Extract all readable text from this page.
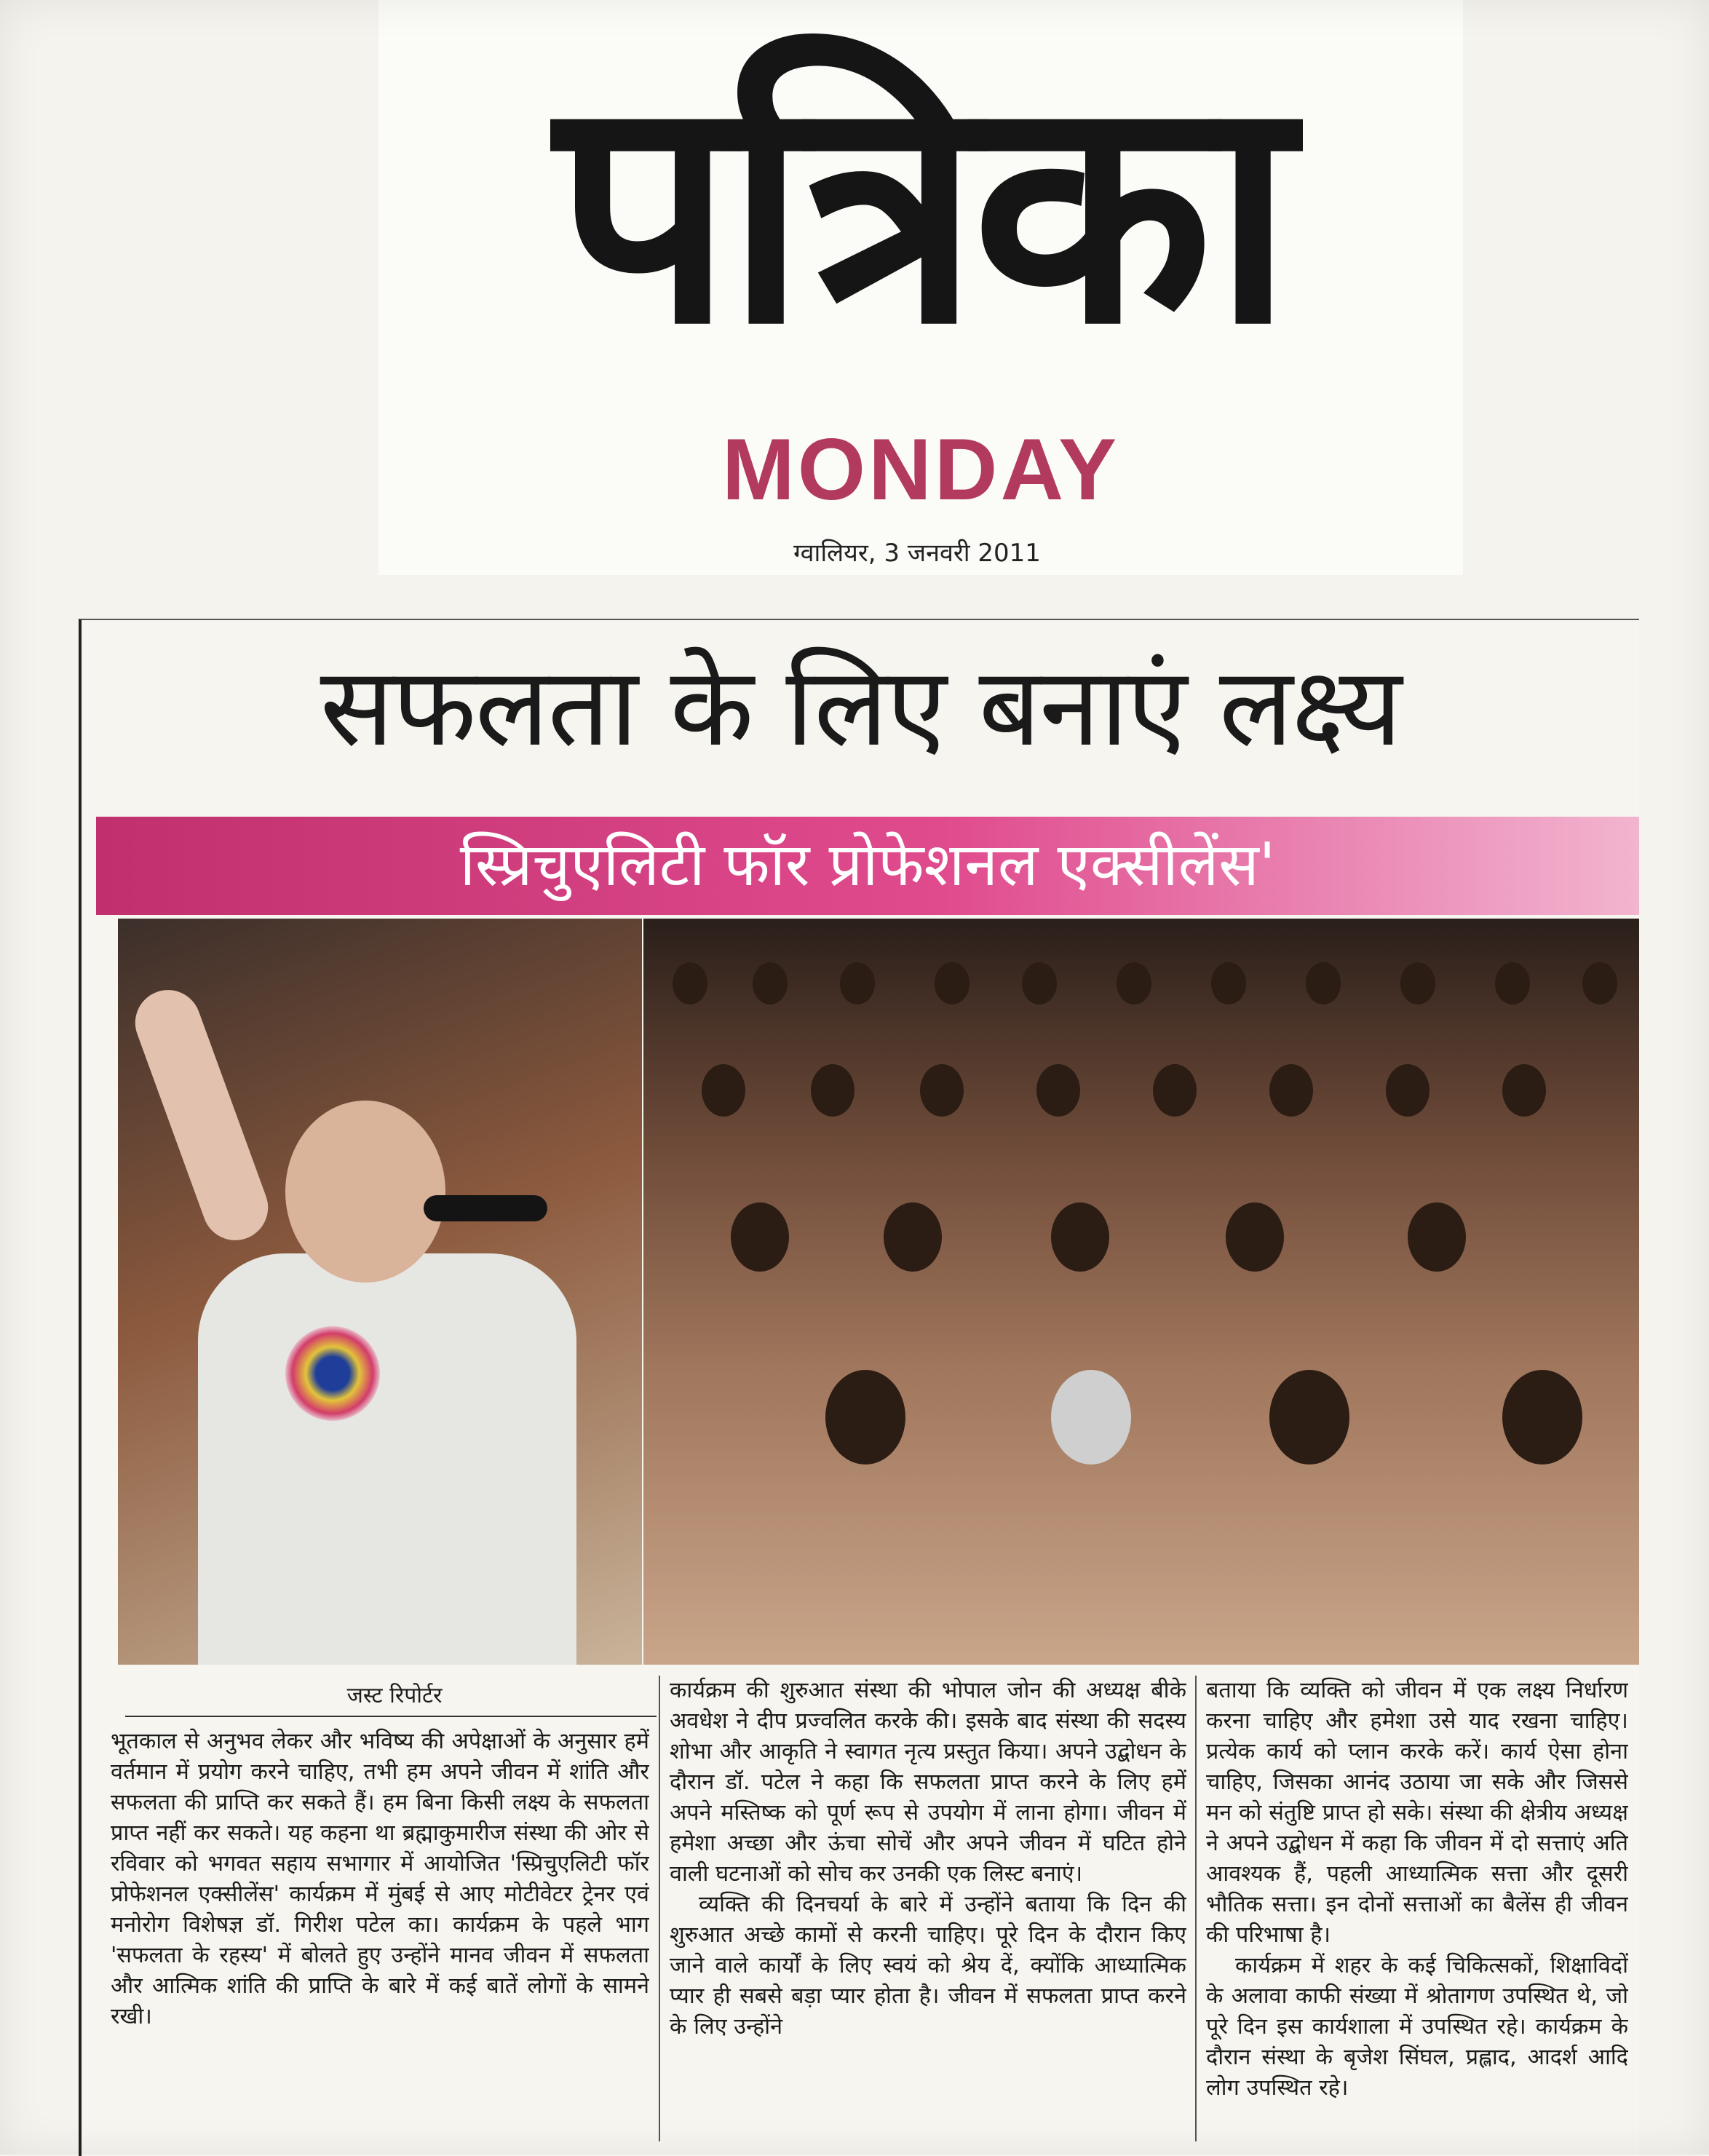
पत्रिका
MONDAY
ग्वालियर, 3 जनवरी 2011
सफलता के लिए बनाएं लक्ष्य
स्प्रिचुएलिटी फॉर प्रोफेशनल एक्सीलेंस'
जस्ट रिपोर्टर

भूतकाल से अनुभव लेकर और भविष्य की अपेक्षाओं के अनुसार हमें वर्तमान में प्रयोग करने चाहिए, तभी हम अपने जीवन में शांति और सफलता की प्राप्ति कर सकते हैं। हम बिना किसी लक्ष्य के सफलता प्राप्त नहीं कर सकते। यह कहना था ब्रह्माकुमारीज संस्था की ओर से रविवार को भगवत सहाय सभागार में आयोजित 'स्प्रिचुएलिटी फॉर प्रोफेशनल एक्सीलेंस' कार्यक्रम में मुंबई से आए मोटीवेटर ट्रेनर एवं मनोरोग विशेषज्ञ डॉ. गिरीश पटेल का। कार्यक्रम के पहले भाग 'सफलता के रहस्य' में बोलते हुए उन्होंने मानव जीवन में सफलता और आत्मिक शांति की प्राप्ति के बारे में कई बातें लोगों के सामने रखी।

कार्यक्रम की शुरुआत संस्था की भोपाल जोन की अध्यक्ष बीके अवधेश ने दीप प्रज्वलित करके की। इसके बाद संस्था की सदस्य शोभा और आकृति ने स्वागत नृत्य प्रस्तुत किया। अपने उद्बोधन के दौरान डॉ. पटेल ने कहा कि सफलता प्राप्त करने के लिए हमें अपने मस्तिष्क को पूर्ण रूप से उपयोग में लाना होगा। जीवन में हमेशा अच्छा और ऊंचा सोचें और अपने जीवन में घटित होने वाली घटनाओं को सोच कर उनकी एक लिस्ट बनाएं।

व्यक्ति की दिनचर्या के बारे में उन्होंने बताया कि दिन की शुरुआत अच्छे कामों से करनी चाहिए। पूरे दिन के दौरान किए जाने वाले कार्यों के लिए स्वयं को श्रेय दें, क्योंकि आध्यात्मिक प्यार ही सबसे बड़ा प्यार होता है। जीवन में सफलता प्राप्त करने के लिए उन्होंने

बताया कि व्यक्ति को जीवन में एक लक्ष्य निर्धारण करना चाहिए और हमेशा उसे याद रखना चाहिए। प्रत्येक कार्य को प्लान करके करें। कार्य ऐसा होना चाहिए, जिसका आनंद उठाया जा सके और जिससे मन को संतुष्टि प्राप्त हो सके। संस्था की क्षेत्रीय अध्यक्ष ने अपने उद्बोधन में कहा कि जीवन में दो सत्ताएं अति आवश्यक हैं, पहली आध्यात्मिक सत्ता और दूसरी भौतिक सत्ता। इन दोनों सत्ताओं का बैलेंस ही जीवन की परिभाषा है।

कार्यक्रम में शहर के कई चिकित्सकों, शिक्षाविदों के अलावा काफी संख्या में श्रोतागण उपस्थित थे, जो पूरे दिन इस कार्यशाला में उपस्थित रहे। कार्यक्रम के दौरान संस्था के बृजेश सिंघल, प्रह्लाद, आदर्श आदि लोग उपस्थित रहे।
